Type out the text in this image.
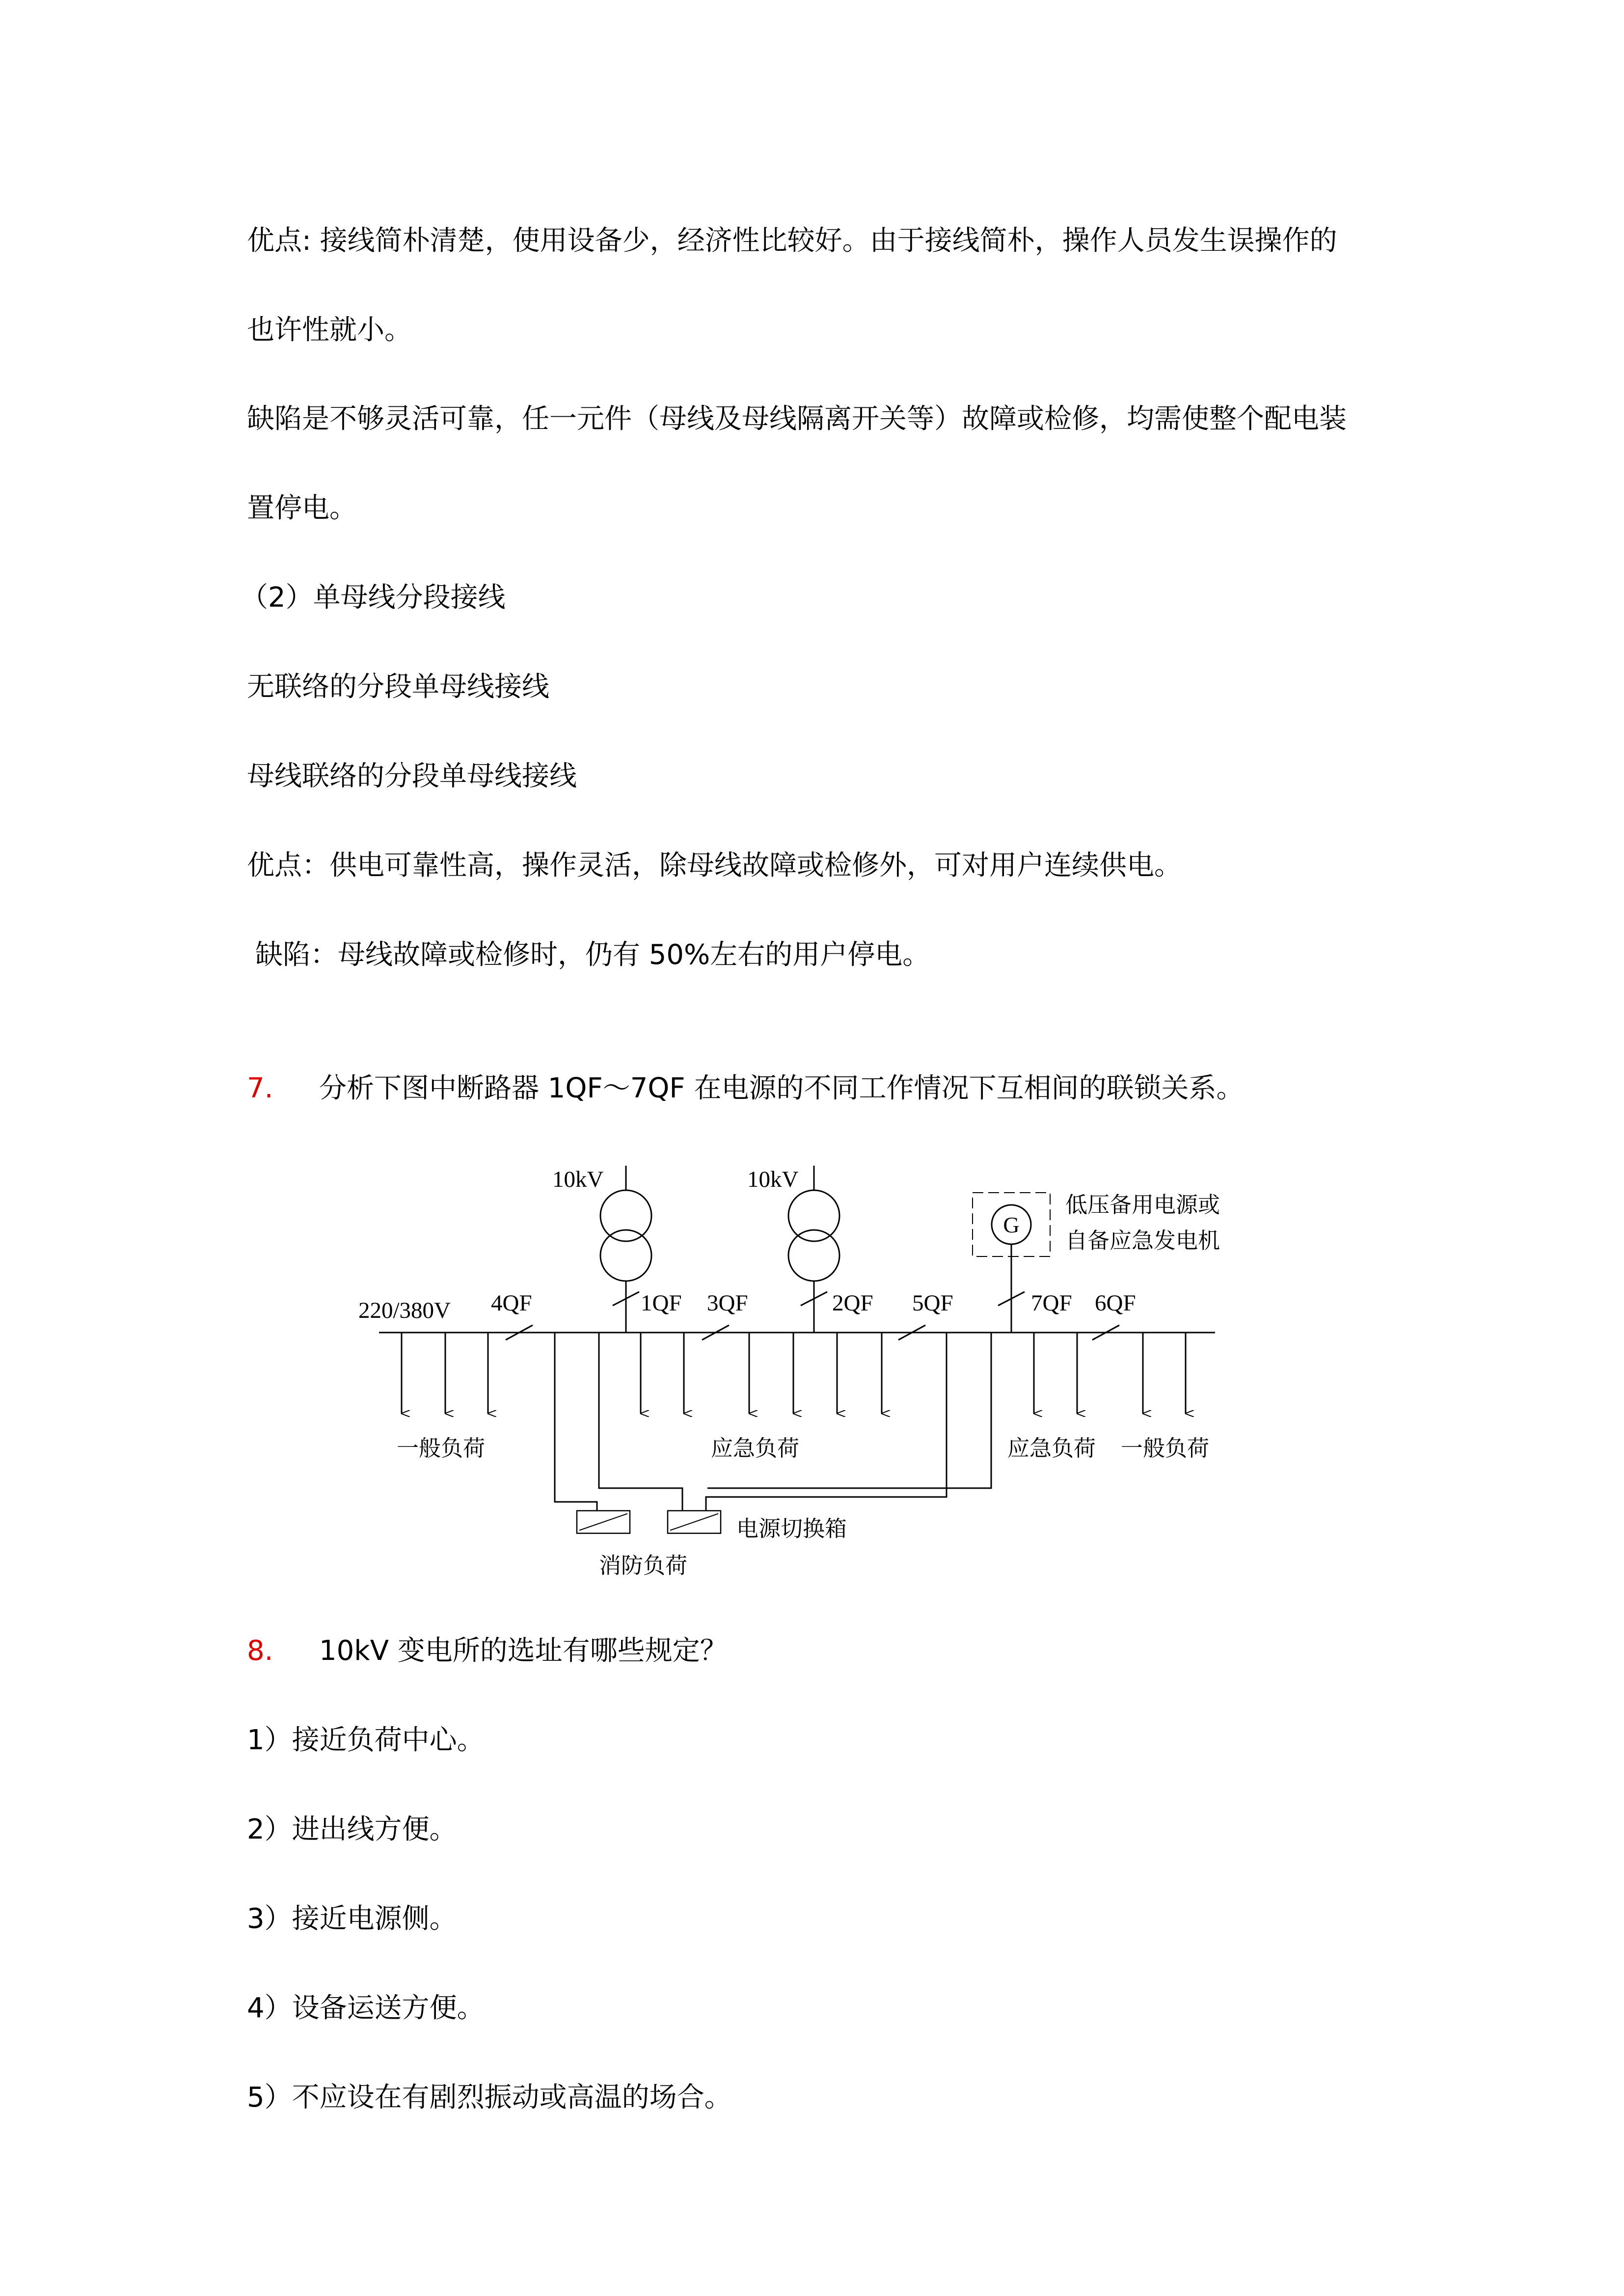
优点: 接线简朴清楚，使用设备少，经济性比较好。由于接线简朴，操作人员发生误操作的
也许性就小。
缺陷是不够灵活可靠，任一元件（母线及母线隔离开关等）故障或检修，均需使整个配电装
置停电。
（2）单母线分段接线
无联络的分段单母线接线
母线联络的分段单母线接线
优点：供电可靠性高，操作灵活，除母线故障或检修外，可对用户连续供电。
缺陷：母线故障或检修时，仍有 50%左右的用户停电。
7. 分析下图中断路器 1QF～7QF 在电源的不同工作情况下互相间的联锁关系。
10kV	10kV
G
低压备用电源或
自备应急发电机
220/380V 4QF	1QF 3QF	2QF 5QF	7QF 6QF
一般负荷	应急负荷	应急负荷 一般负荷
电源切换箱
消防负荷
8. 10kV 变电所的选址有哪些规定？
1）接近负荷中心。
2）进出线方便。
3）接近电源侧。
4）设备运送方便。
5）不应设在有剧烈振动或高温的场合。
